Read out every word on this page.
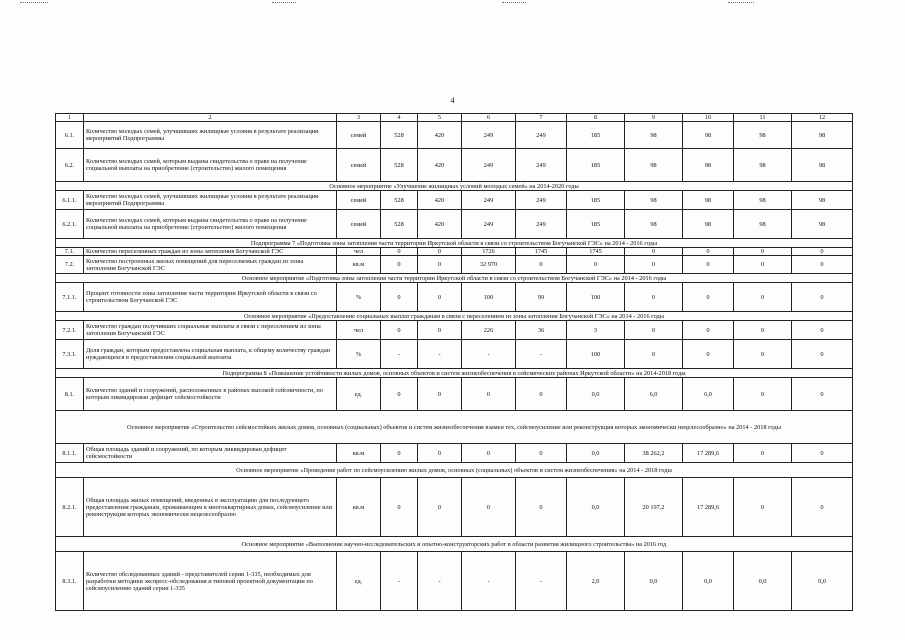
4
1	2	3	4	5	6	7	8	9	10	11	12
6.1.	Количество молодых семей, улучшивших жилищные условия в результате реализации мероприятий Подпрограммы	семей	528	420	249	249	185	98	98	98	98
6.2.	Количество молодых семей, которым выданы свидетельства о праве на получение социальной выплаты на приобретение (строительство) жилого помещения	семей	528	420	249	249	185	98	98	98	98
Основное мероприятие «Улучшение жилищных условий молодых семей» на 2014-2020 годы											
6.1.1.	Количество молодых семей, улучшивших жилищные условия в результате реализации мероприятий Подпрограммы	семей	528	420	249	249	185	98	98	98	98
6.2.1.	Количество молодых семей, которым выданы свидетельства о праве на получение социальной выплаты на приобретение (строительство) жилого помещения	семей	528	420	249	249	185	98	98	98	98
Подпрограмма 7 «Подготовка зоны затопления части территории Иркутской области в связи со строительством Богучанской ГЭС» на 2014 - 2016 годы											
7.1.	Количество переселенных граждан из зоны затопления Богучанской ГЭС	чел	0	0	1726	1745	1745	0	0	0	0
7.2.	Количество построенных жилых помещений для переселяемых граждан из зоны затопления Богучанской ГЭС	кв.м	0	0	32 970	0	0	0	0	0	0
Основное мероприятие «Подготовка зоны затопления части территории Иркутской области в связи со строительством Богучанской ГЭС» на 2014 - 2016 годы											
7.1.1.	Процент готовности зоны затопления части территории Иркутской области в связи со строительством Богучанской ГЭС	%	0	0	100	99	100	0	0	0	0
Основное мероприятие «Предоставление социальных выплат гражданам в связи с переселением из зоны затопления Богучанской ГЭС» на 2014 - 2016 годы											
7.2.1.	Количество граждан получивших социальные выплаты в связи с переселением из зоны затопления Богучанской ГЭС	чел	0	0	226	36	3	0	0	0	0
7.3.1.	Доля граждан, которым предоставлена социальная выплата, к общему количеству граждан нуждающихся в предоставлении социальной выплаты	%	-	-	-	-	100	0	0	0	0
Подпрограмма 8 «Повышение устойчивости жилых домов, основных объектов и систем жизнеобеспечения в сейсмических районах Иркутской области» на 2014-2018 годы											
8.1.	Количество зданий и сооружений, расположенных в районах высокой сейсмичности, по которым ликвидирован дефицит сейсмостойкости	ед.	0	0	0	0	0,0	6,0	6,0	0	0
Основное мероприятие «Строительство сейсмостойких жилых домов, основных (социальных) объектов и систем жизнеобеспечения взамен тех, сейсмоусиление или реконструкция которых экономически нецелесообразно» на 2014 - 2018 годы											
8.1.1.	Общая площадь зданий и сооружений, по которым ликвидирован дефицит сейсмостойкости	кв.м	0	0	0	0	0,0	38 262,2	17 289,6	0	0
Основное мероприятие «Проведение работ по сейсмоусилению жилых домов, основных (социальных) объектов и систем жизнеобеспечения» на 2014 - 2018 годы											
8.2.1.	Общая площадь жилых помещений, введенных в эксплуатацию для последующего предоставления гражданам, проживающим в многоквартирных домах, сейсмоусиление или реконструкция которых экономически нецелесообразно	кв.м	0	0	0	0	0,0	20 197,2	17 289,6	0	0
Основное мероприятие «Выполнение научно-исследовательских и опытно-конструкторских работ в области развития жилищного строительства» на 2016 год											
8.3.1.	Количество обследованных зданий - представителей серии 1-335, необходимых для разработки методики экспресс-обследования и типовой проектной документации по сейсмоусилению зданий серии 1-335	ед.	-	-	-	-	2,0	0,0	0,0	0,0	0,0
